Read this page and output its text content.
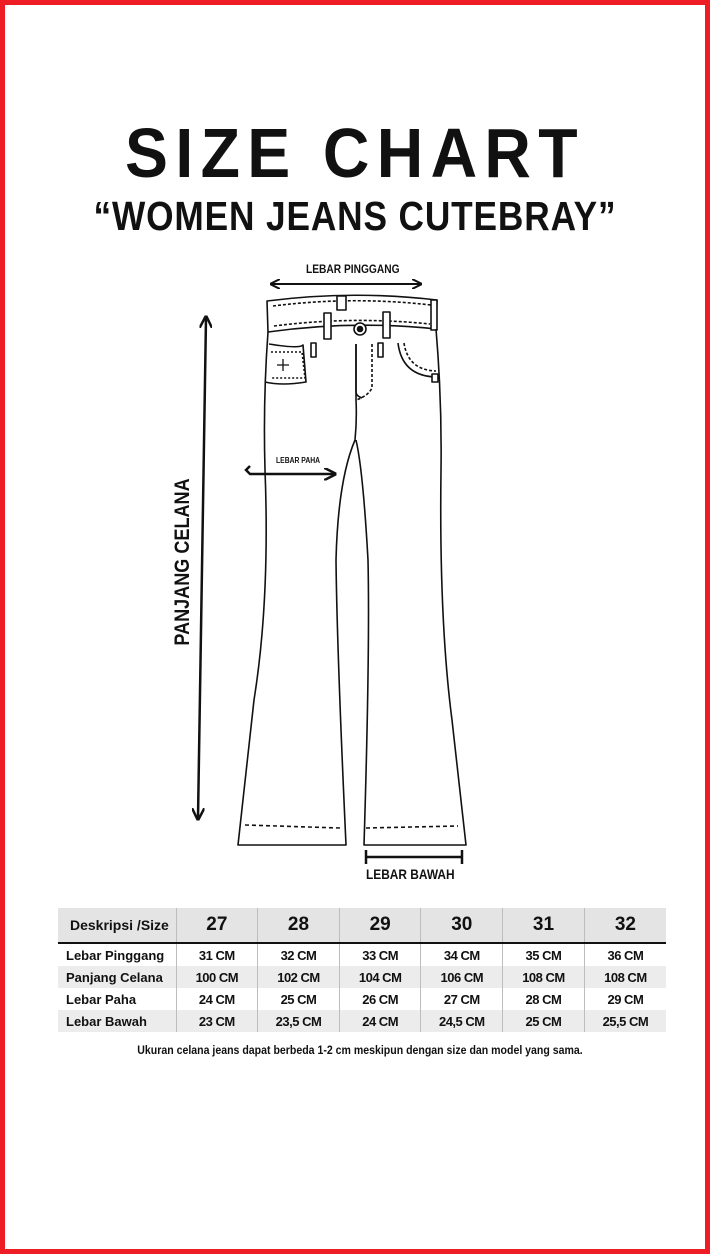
SIZE CHART
“WOMEN JEANS CUTEBRAY”
LEBAR PINGGANG
LEBAR PAHA
PANJANG CELANA
LEBAR BAWAH
Deskripsi /Size	27	28	29	30	31	32
Lebar Pinggang	31 CM	32 CM	33 CM	34 CM	35 CM	36 CM
Panjang Celana	100 CM	102 CM	104 CM	106 CM	108 CM	108 CM
Lebar Paha	24 CM	25 CM	26 CM	27 CM	28 CM	29 CM
Lebar Bawah	23 CM	23,5 CM	24 CM	24,5 CM	25 CM	25,5 CM
Ukuran celana jeans dapat berbeda 1-2 cm meskipun dengan size dan model yang sama.
